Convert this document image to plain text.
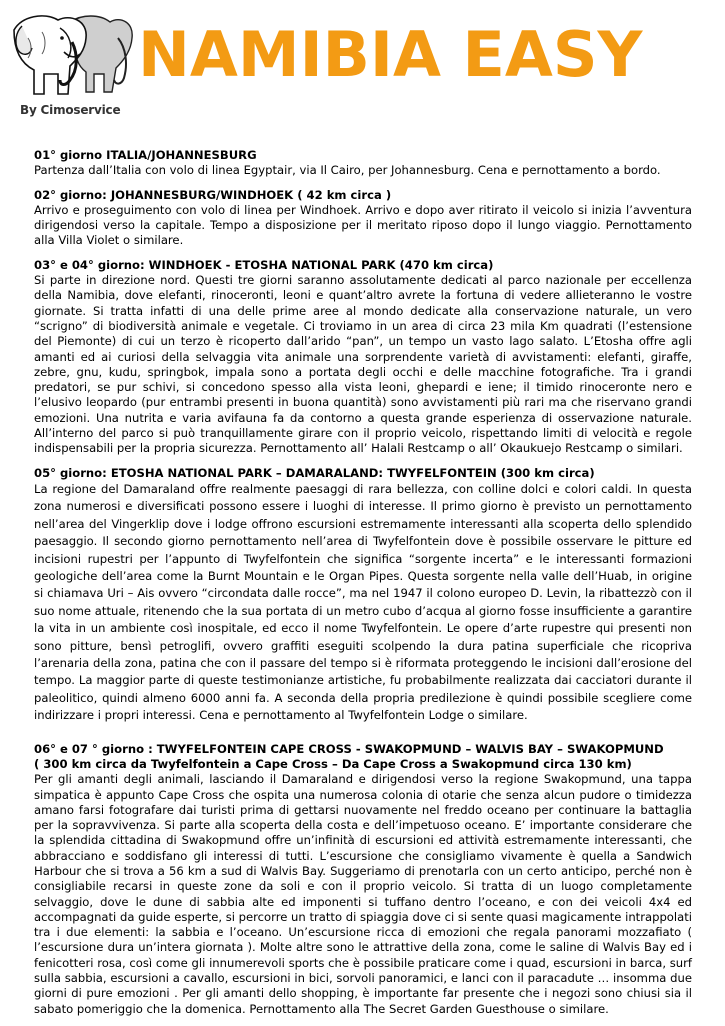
By Cimoservice
NAMIBIA EASY
01° giorno ITALIA/JOHANNESBURG

Partenza dall’Italia con volo di linea Egyptair, via Il Cairo, per Johannesburg. Cena e pernottamento a bordo.

02° giorno: JOHANNESBURG/WINDHOEK ( 42 km circa )

Arrivo e proseguimento con volo di linea per Windhoek. Arrivo e dopo aver ritirato il veicolo si inizia l’avventura dirigendosi verso la capitale. Tempo a disposizione per il meritato riposo dopo il lungo viaggio. Pernottamento alla Villa Violet o similare.

03° e 04° giorno: WINDHOEK - ETOSHA NATIONAL PARK (470 km circa)

Si parte in direzione nord. Questi tre giorni saranno assolutamente dedicati al parco nazionale per eccellenza della Namibia, dove elefanti, rinoceronti, leoni e quant’altro avrete la fortuna di vedere allieteranno le vostre giornate. Si tratta infatti di una delle prime aree al mondo dedicate alla conservazione naturale, un vero “scrigno” di biodiversità animale e vegetale. Ci troviamo in un area di circa 23 mila Km quadrati (l’estensione del Piemonte) di cui un terzo è ricoperto dall’arido “pan”, un tempo un vasto lago salato. L’Etosha offre agli amanti ed ai curiosi della selvaggia vita animale una sorprendente varietà di avvistamenti: elefanti, giraffe, zebre, gnu, kudu, springbok, impala sono a portata degli occhi e delle macchine fotografiche. Tra i grandi predatori, se pur schivi, si concedono spesso alla vista leoni, ghepardi e iene; il timido rinoceronte nero e l’elusivo leopardo (pur entrambi presenti in buona quantità) sono avvistamenti più rari ma che riservano grandi emozioni. Una nutrita e varia avifauna fa da contorno a questa grande esperienza di osservazione naturale. All’interno del parco si può tranquillamente girare con il proprio veicolo, rispettando limiti di velocità e regole indispensabili per la propria sicurezza. Pernottamento all’ Halali Restcamp o all’ Okaukuejo Restcamp o similari.

05° giorno: ETOSHA NATIONAL PARK – DAMARALAND: TWYFELFONTEIN (300 km circa)

La regione del Damaraland offre realmente paesaggi di rara bellezza, con colline dolci e colori caldi. In questa zona numerosi e diversificati possono essere i luoghi di interesse. Il primo giorno è previsto un pernottamento nell’area del Vingerklip dove i lodge offrono escursioni estremamente interessanti alla scoperta dello splendido paesaggio. Il secondo giorno pernottamento nell’area di Twyfelfontein dove è possibile osservare le pitture ed incisioni rupestri per l’appunto di Twyfelfontein che significa “sorgente incerta” e le interessanti formazioni geologiche dell’area come la Burnt Mountain e le Organ Pipes. Questa sorgente nella valle dell’Huab, in origine si chiamava Uri – Ais ovvero “circondata dalle rocce”, ma nel 1947 il colono europeo D. Levin, la ribattezzò con il suo nome attuale, ritenendo che la sua portata di un metro cubo d’acqua al giorno fosse insufficiente a garantire la vita in un ambiente così inospitale, ed ecco il nome Twyfelfontein. Le opere d’arte rupestre qui presenti non sono pitture, bensì petroglifi, ovvero graffiti eseguiti scolpendo la dura patina superficiale che ricopriva l’arenaria della zona, patina che con il passare del tempo si è riformata proteggendo le incisioni dall’erosione del tempo. La maggior parte di queste testimonianze artistiche, fu probabilmente realizzata dai cacciatori durante il paleolitico, quindi almeno 6000 anni fa. A seconda della propria predilezione è quindi possibile scegliere come indirizzare i propri interessi. Cena e pernottamento al Twyfelfontein Lodge o similare.

06° e 07 ° giorno : TWYFELFONTEIN CAPE CROSS - SWAKOPMUND – WALVIS BAY – SWAKOPMUND
( 300 km circa da Twyfelfontein a Cape Cross – Da Cape Cross a Swakopmund circa 130 km)

Per gli amanti degli animali, lasciando il Damaraland e dirigendosi verso la regione Swakopmund, una tappa simpatica è appunto Cape Cross che ospita una numerosa colonia di otarie che senza alcun pudore o timidezza amano farsi fotografare dai turisti prima di gettarsi nuovamente nel freddo oceano per continuare la battaglia per la sopravvivenza. Si parte alla scoperta della costa e dell’impetuoso oceano. E’ importante considerare che la splendida cittadina di Swakopmund offre un’infinità di escursioni ed attività estremamente interessanti, che abbracciano e soddisfano gli interessi di tutti. L’escursione che consigliamo vivamente è quella a Sandwich Harbour che si trova a 56 km a sud di Walvis Bay. Suggeriamo di prenotarla con un certo anticipo, perché non è consigliabile recarsi in queste zone da soli e con il proprio veicolo. Si tratta di un luogo completamente selvaggio, dove le dune di sabbia alte ed imponenti si tuffano dentro l’oceano, e con dei veicoli 4x4 ed accompagnati da guide esperte, si percorre un tratto di spiaggia dove ci si sente quasi magicamente intrappolati tra i due elementi: la sabbia e l’oceano. Un’escursione ricca di emozioni che regala panorami mozzafiato ( l’escursione dura un’intera giornata ). Molte altre sono le attrattive della zona, come le saline di Walvis Bay ed i fenicotteri rosa, così come gli innumerevoli sports che è possibile praticare come i quad, escursioni in barca, surf sulla sabbia, escursioni a cavallo, escursioni in bici, sorvoli panoramici, e lanci con il paracadute … insomma due giorni di pure emozioni . Per gli amanti dello shopping, è importante far presente che i negozi sono chiusi sia il sabato pomeriggio che la domenica. Pernottamento alla The Secret Garden Guesthouse o similare.
